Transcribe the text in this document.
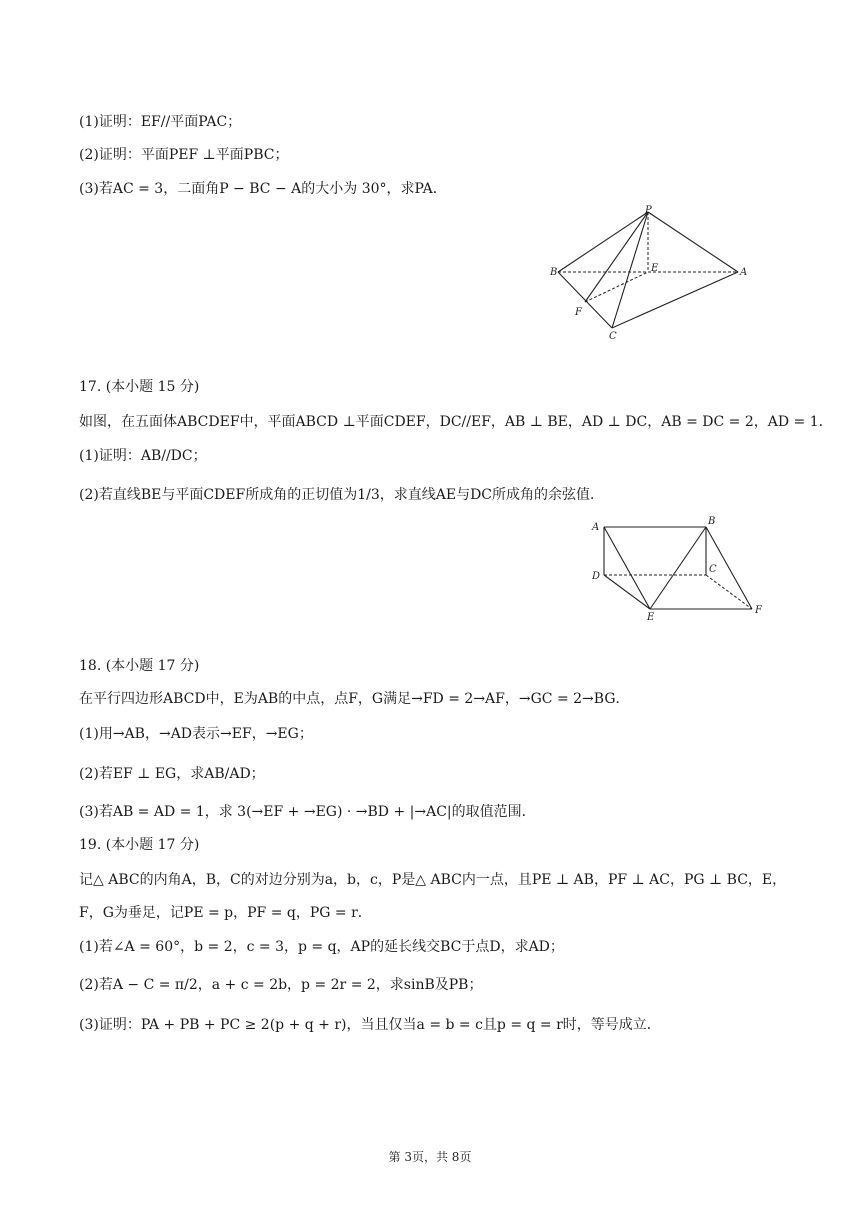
(1)证明：EF//平面PAC；
(2)证明：平面PEF ⊥平面PBC；
(3)若AC = 3，二面角P − BC − A的大小为 30°，求PA．
P
B	E	A
F
C
17. (本小题 15 分)
如图，在五面体ABCDEF中，平面ABCD ⊥平面CDEF，DC//EF，AB ⊥ BE，AD ⊥ DC，AB = DC = 2，AD = 1．
(1)证明：AB//DC；
(2)若直线BE与平面CDEF所成角的正切值为1/3，求直线AE与DC所成角的余弦值．
A
B
D
C
E
F
18. (本小题 17 分)
在平行四边形ABCD中，E为AB的中点，点F，G满足→FD = 2→AF，→GC = 2→BG．
(1)用→AB，→AD表示→EF，→EG；
(2)若EF ⊥ EG，求AB/AD；
(3)若AB = AD = 1，求 3(→EF + →EG) · →BD + |→AC|的取值范围．
19. (本小题 17 分)
记△ ABC的内角A，B，C的对边分别为a，b，c，P是△ ABC内一点，且PE ⊥ AB，PF ⊥ AC，PG ⊥ BC，E，
F，G为垂足，记PE = p，PF = q，PG = r．
(1)若∠A = 60°，b = 2，c = 3，p = q，AP的延长线交BC于点D，求AD；
(2)若A − C = π/2，a + c = 2b，p = 2r = 2，求sinB及PB；
(3)证明：PA + PB + PC ≥ 2(p + q + r)，当且仅当a = b = c且p = q = r时，等号成立．
第 3页，共 8页
